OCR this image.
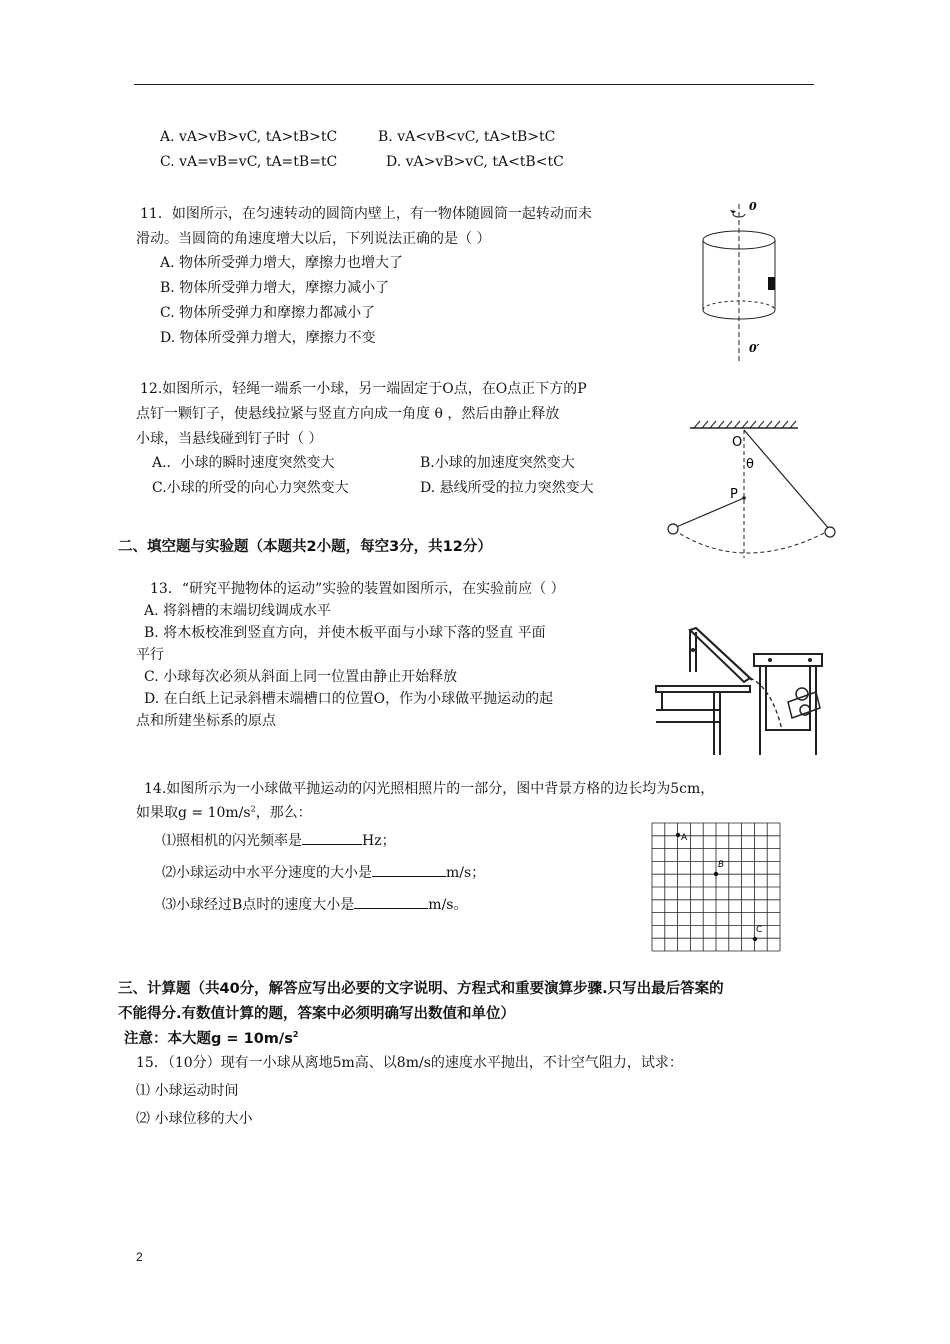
A. vA>vB>vC, tA>tB>tC	B. vA<vB<vC, tA>tB>tC
C. vA=vB=vC, tA=tB=tC	D. vA>vB>vC, tA<tB<tC
11．如图所示，在匀速转动的圆筒内壁上，有一物体随圆筒一起转动而未
滑动。当圆筒的角速度增大以后，下列说法正确的是（ ）
A. 物体所受弹力增大，摩擦力也增大了
B. 物体所受弹力增大，摩擦力减小了
C. 物体所受弹力和摩擦力都减小了
D. 物体所受弹力增大，摩擦力不变
0
0′
12.如图所示，轻绳一端系一小球，另一端固定于O点，在O点正下方的P
点钉一颗钉子，使悬线拉紧与竖直方向成一角度 θ ，然后由静止释放
小球，当悬线碰到钉子时（ ）
A.．小球的瞬时速度突然变大	B.小球的加速度突然变大
C.小球的所受的向心力突然变大	D. 悬线所受的拉力突然变大
O
θ
P
二、填空题与实验题（本题共2小题，每空3分，共12分）
13．“研究平抛物体的运动”实验的装置如图所示，在实验前应（ ）
A. 将斜槽的末端切线调成水平
B. 将木板校准到竖直方向，并使木板平面与小球下落的竖直 平面
平行
C. 小球每次必须从斜面上同一位置由静止开始释放
D. 在白纸上记录斜槽末端槽口的位置O，作为小球做平抛运动的起
点和所建坐标系的原点
14.如图所示为一小球做平抛运动的闪光照相照片的一部分，图中背景方格的边长均为5cm，
如果取$g = 10m/s^2$，那么：
⑴照相机的闪光频率是	Hz；
⑵小球运动中水平分速度的大小是	m/s；
⑶小球经过B点时的速度大小是	m/s。
A
B
C
三、计算题（共40分，解答应写出必要的文字说明、方程式和重要演算步骤.只写出最后答案的
不能得分.有数值计算的题，答案中必须明确写出数值和单位）
注意：本大题$g = 10m/s^2$
15．（10分）现有一小球从离地5m高、以8m/s的速度水平抛出，不计空气阻力，试求：
⑴ 小球运动时间
⑵ 小球位移的大小
2
